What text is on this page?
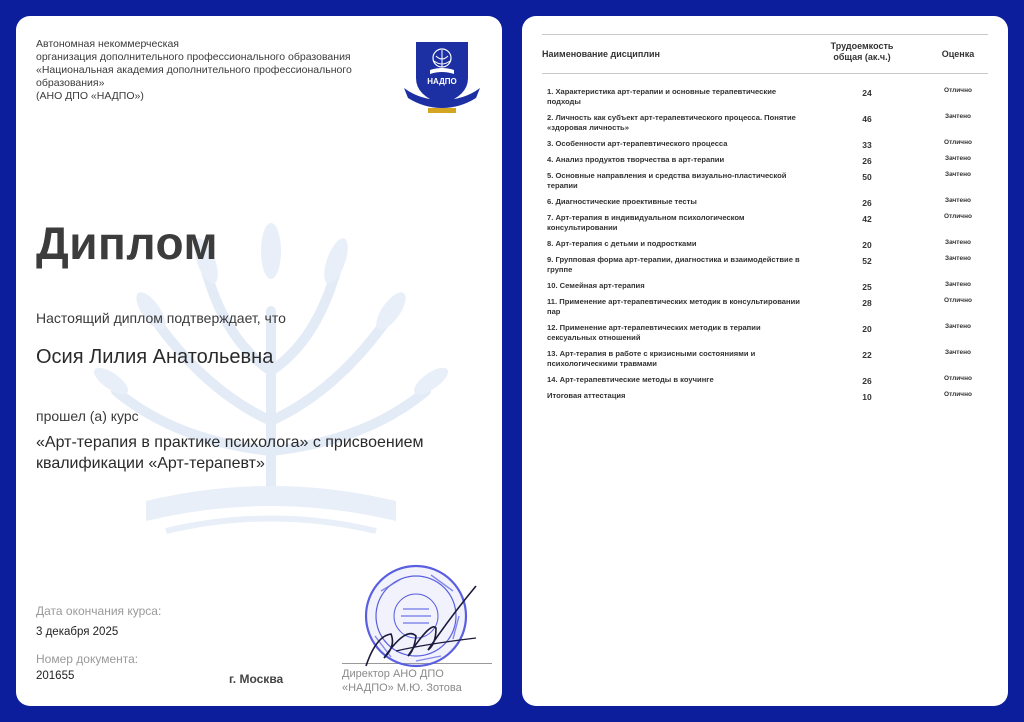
Автономная некоммерческая
организация дополнительного профессионального образования
«Национальная академия дополнительного профессионального
образования»
(АНО ДПО «НАДПО»)
НАДПО
Диплом
Настоящий диплом подтверждает, что
Осия Лилия Анатольевна
прошел (а) курс
«Арт-терапия в практике психолога» с присвоением квалификации «Арт-терапевт»
Дата окончания курса:
3 декабря 2025
Номер документа:
201655	г. Москва	Директор АНО ДПО
«НАДПО» М.Ю. Зотова
Наименование дисциплин
Трудоемкость
общая (ак.ч.)	Оценка
1. Характеристика арт-терапии и основные терапевтические подходы
24	Отлично
2. Личность как субъект арт-терапевтического процесса. Понятие «здоровая личность»
46	Зачтено
3. Особенности арт-терапевтического процесса	33	Отлично
4. Анализ продуктов творчества в арт-терапии	26	Зачтено
5. Основные направления и средства визуально-пластической терапии
50	Зачтено
6. Диагностические проективные тесты	26	Зачтено
7. Арт-терапия в индивидуальном психологическом консультировании
42	Отлично
8. Арт-терапия с детьми и подростками	20	Зачтено
9. Групповая форма арт-терапии, диагностика и взаимодействие в группе
52	Зачтено
10. Семейная арт-терапия	25	Зачтено
11. Применение арт-терапевтических методик в консультировании пар
28	Отлично
12. Применение арт-терапевтических методик в терапии сексуальных отношений
20	Зачтено
13. Арт-терапия в работе с кризисными состояниями и психологическими травмами
22	Зачтено
14. Арт-терапевтические методы в коучинге	26	Отлично
Итоговая аттестация	10	Отлично
